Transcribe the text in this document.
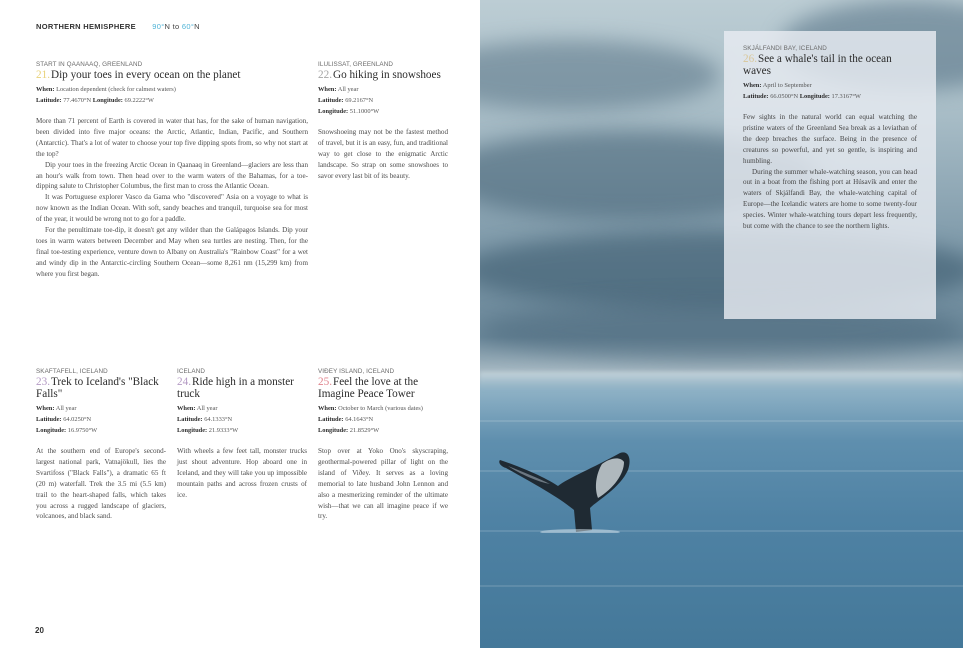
NORTHERN HEMISPHERE 90°N to 60°N
START IN QAANAAQ, GREENLAND
21.Dip your toes in every ocean on the planet
When: Location dependent (check for calmest waters)
Latitude: 77.4670°N Longitude: 69.2222°W

More than 71 percent of Earth is covered in water that has, for the sake of human navigation, been divided into five major oceans: the Arctic, Atlantic, Indian, Pacific, and Southern (Antarctic). That's a lot of water to choose your top five dipping spots from, so why not start at the top?

Dip your toes in the freezing Arctic Ocean in Qaanaaq in Greenland—glaciers are less than an hour's walk from town. Then head over to the warm waters of the Bahamas, for a toe-dipping salute to Christopher Columbus, the first man to cross the Atlantic Ocean.

It was Portuguese explorer Vasco da Gama who "discovered" Asia on a voyage to what is now known as the Indian Ocean. With soft, sandy beaches and tranquil, turquoise sea for most of the year, it would be wrong not to go for a paddle.

For the penultimate toe-dip, it doesn't get any wilder than the Galápagos Islands. Dip your toes in warm waters between December and May when sea turtles are nesting. Then, for the final toe-testing experience, venture down to Albany on Australia's "Rainbow Coast" for a wet and windy dip in the Antarctic-circling Southern Ocean—some 8,261 nm (15,299 km) from where you first began.

ILULISSAT, GREENLAND
22.Go hiking in snowshoes
When: All year
Latitude: 69.2167°N
Longitude: 51.1000°W

Snowshoeing may not be the fastest method of travel, but it is an easy, fun, and traditional way to get close to the enigmatic Arctic landscape. So strap on some snowshoes to savor every last bit of its beauty.

SKAFTAFELL, ICELAND
23.Trek to Iceland's "Black Falls"
When: All year
Latitude: 64.0250°N
Longitude: 16.9750°W

At the southern end of Europe's second-largest national park, Vatnajökull, lies the Svartifoss ("Black Falls"), a dramatic 65 ft (20 m) waterfall. Trek the 3.5 mi (5.5 km) trail to the heart-shaped falls, which takes you across a rugged landscape of glaciers, volcanoes, and black sand.

ICELAND
24.Ride high in a monster truck
When: All year
Latitude: 64.1333°N
Longitude: 21.9333°W

With wheels a few feet tall, monster trucks just shout adventure. Hop aboard one in Iceland, and they will take you up impossible mountain paths and across frozen crusts of ice.

VIÐEY ISLAND, ICELAND
25.Feel the love at the Imagine Peace Tower
When: October to March (various dates)
Latitude: 64.1643°N
Longitude: 21.8529°W

Stop over at Yoko Ono's skyscraping, geothermal-powered pillar of light on the island of Viðey. It serves as a loving memorial to late husband John Lennon and also a mesmerizing reminder of the ultimate wish—that we can all imagine peace if we try.

20
SKJÁLFANDI BAY, ICELAND
26.See a whale's tail in the ocean waves
When: April to September
Latitude: 66.0500°N Longitude: 17.3167°W

Few sights in the natural world can equal watching the pristine waters of the Greenland Sea break as a leviathan of the deep breaches the surface. Being in the presence of creatures so powerful, and yet so gentle, is inspiring and humbling.

During the summer whale-watching season, you can head out in a boat from the fishing port at Húsavík and enter the waters of Skjálfandi Bay, the whale-watching capital of Europe—the Icelandic waters are home to some twenty-four species. Winter whale-watching tours depart less frequently, but come with the chance to see the northern lights.
